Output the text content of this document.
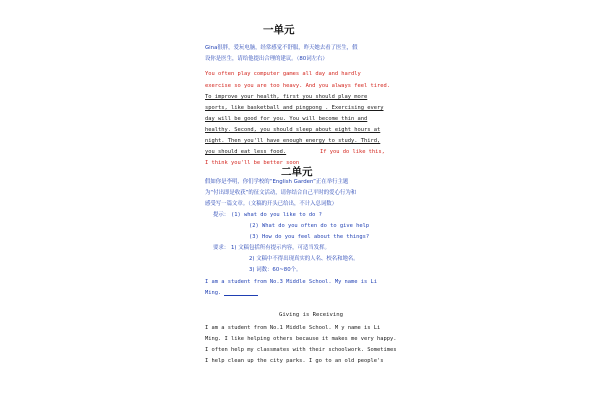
一单元
Gina很胖，爱玩电脑，经常感觉不舒服，昨天她去看了医生，假
设你是医生，请给他提出合理的建议。（80词左右）
You often play computer games all day and hardly
exercise so you are too heavy. And you always feel tired.
To improve your health, first you should play more
sports, like basketball and pingpong . Exercising every
day will be good for you. You will become thin and
healthy. Second, you should sleep about eight hours at
night. Then you'll have enough energy to study. Third,
you should eat less food.	If you do like this,
I think you'll be better soon
二单元
假如你是李明，你们学校的“English Garden”正在举行主题
为“付出即是收获”的征文活动，请你结合自己平时的爱心行为和
感受写一篇文章。（文稿的开头已给出，不计入总词数）
提示： (1) what do you like to do ?
(2) What do you often do to give help
(3) How do you feel about the things?
要求： 1) 文稿包括所有提示内容，可适当发挥。
2) 文稿中不得出现真实的人名、校名和地名。
3) 词数：60~80个。
I am a student from No.3 Middle School. My name is Li
Ming.
Giving is Receiving
I am a student from No.1 Middle School. M y name is Li
Ming. I like helping others because it makes me very happy.
I often help my classmates with their schoolwork. Sometimes
I help clean up the city parks. I go to an old people's
